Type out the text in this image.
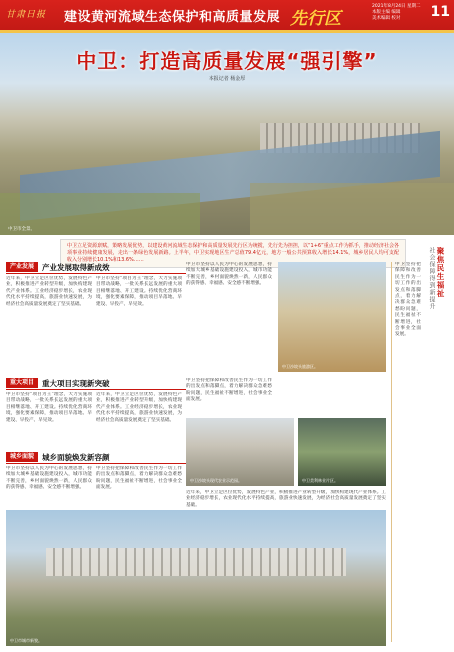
甘肃日报 建设黄河流域生态保护和高质量发展 先行区
2021年8月24日 星期二
本版主编 编辑
美术编辑 校对	11
中卫：打造高质量发展“强引擎”
本报记者 杨金厚
中卫市全景。
中卫立足资源禀赋，策略发展优势，以建设黄河流域生态保护和高质量发展先行区为统揽，先行先为担担，以“1+6”重点工作为抓手，推动经济社会各项事业持续健康发展，走出一条绿色发展新路。上半年，中卫实现地区生产总值79.4亿元，地方一般公共预算收入增长14.1%，城乡居民人均可支配收入分别增长10.1%和13.6%……
产业发展	产业发展取得新成效
近年来，中卫立足区位优势，发展特色产业，积极推进产业转型升级，加快构建现代产业体系。工业经济稳步增长，农业现代化水平持续提高，旅游业快速发展，为经济社会高质量发展奠定了坚实基础。
中卫市坚持“项目为王”理念，大力实施项目带动战略，一批关系长远发展的重大项目相继落地、开工建设。持续优化营商环境，强化要素保障，推动项目早落地、早建设、早投产、早见效。
中卫市坚持以人民为中心的发展思想，持续加大城乡基础设施建设投入，城市功能不断完善，乡村面貌焕然一新，人民群众的获得感、幸福感、安全感不断增强。
中卫沙坡头旅游区。
重大项目	重大项目实现新突破
中卫市坚持“项目为王”理念，大力实施项目带动战略，一批关系长远发展的重大项目相继落地、开工建设。持续优化营商环境，强化要素保障，推动项目早落地、早建设、早投产、早见效。
近年来，中卫立足区位优势，发展特色产业，积极推进产业转型升级，加快构建现代产业体系。工业经济稳步增长，农业现代化水平持续提高，旅游业快速发展，为经济社会高质量发展奠定了坚实基础。
中卫坚持把保障和改善民生作为一切工作的出发点和落脚点，着力解决群众急难愁盼问题，民生福祉不断增进，社会事业全面发展。
中卫沙坡头现代农业示范园。	中卫美利林业片区。
城乡面貌	城乡面貌焕发新容颜
中卫市坚持以人民为中心的发展思想，持续加大城乡基础设施建设投入，城市功能不断完善，乡村面貌焕然一新，人民群众的获得感、幸福感、安全感不断增强。
中卫坚持把保障和改善民生作为一切工作的出发点和落脚点，着力解决群众急难愁盼问题，民生福祉不断增进，社会事业全面发展。
近年来，中卫立足区位优势，发展特色产业，积极推进产业转型升级，加快构建现代产业体系。工业经济稳步增长，农业现代化水平持续提高，旅游业快速发展，为经济社会高质量发展奠定了坚实基础。
中卫市城市新貌。
聚焦民生福祉
社会保障得到新提升
中卫坚持把保障和改善民生作为一切工作的出发点和落脚点，着力解决群众急难愁盼问题，民生福祉不断增进，社会事业全面发展。
